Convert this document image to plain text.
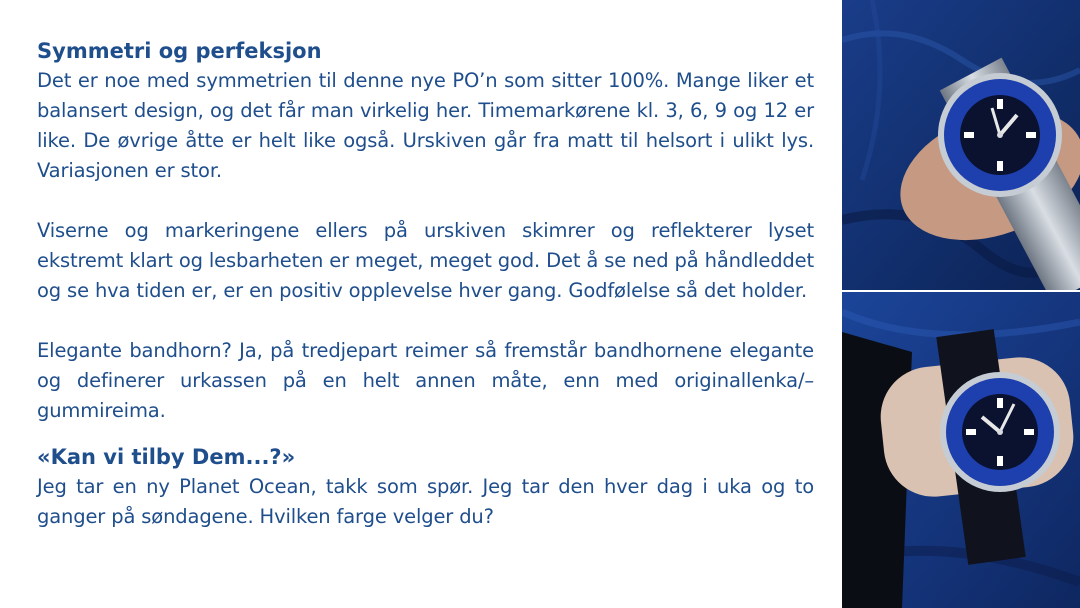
Symmetri og perfeksjon

Det er noe med symmetrien til denne nye PO’n som sitter 100%. Mange liker et balansert design, og det får man virkelig her. Timemarkørene kl. 3, 6, 9 og 12 er like. De øvrige åtte er helt like også. Urskiven går fra matt til helsort i ulikt lys. Variasjonen er stor.

Viserne og markeringene ellers på urskiven skimrer og reflekterer lyset ekstremt klart og lesbarheten er meget, meget god. Det å se ned på håndleddet og se hva tiden er, er en positiv opplevelse hver gang. Godfølelse så det holder.

Elegante bandhorn? Ja, på tredjepart reimer så fremstår bandhornene elegante og definerer urkassen på en helt annen måte, enn med originallenka/–gummireima.

«Kan vi tilby Dem...?»

Jeg tar en ny Planet Ocean, takk som spør. Jeg tar den hver dag i uka og to ganger på søndagene. Hvilken farge velger du?
